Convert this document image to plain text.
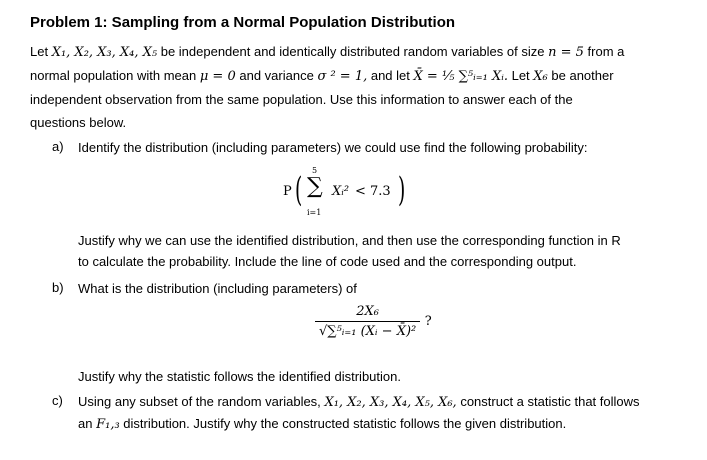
Problem 1: Sampling from a Normal Population Distribution
Let X₁, X₂, X₃, X₄, X₅ be independent and identically distributed random variables of size n = 5 from a
normal population with mean μ = 0 and variance σ ² = 1, and let X̄ = ¹⁄₅ ∑⁵ᵢ₌₁ Xᵢ. Let X₆ be another
independent observation from the same population. Use this information to answer each of the
questions below.
a) Identify the distribution (including parameters) we could use find the following probability:
P ( 5
∑
i=1
Xᵢ² < 7.3 )
Justify why we can use the identified distribution, and then use the corresponding function in R
to calculate the probability. Include the line of code used and the corresponding output.
b) What is the distribution (including parameters) of
$\frac{\text{2X₆}}{\text{√∑⁵ᵢ₌₁ (Xᵢ − X̄)²}}$ ?
Justify why the statistic follows the identified distribution.
c) Using any subset of the random variables, X₁, X₂, X₃, X₄, X₅, X₆, construct a statistic that follows
an F₁,₃ distribution. Justify why the constructed statistic follows the given distribution.
